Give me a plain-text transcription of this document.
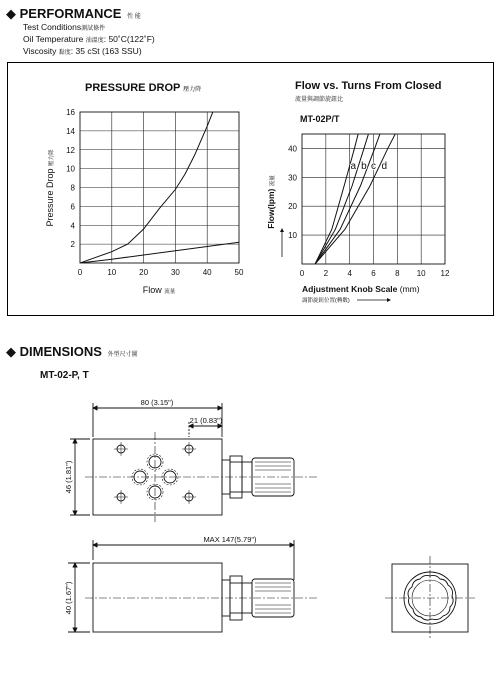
◆ PERFORMANCE 性 能
Test Conditions測試條件
Oil Temperature 油溫度: 50˚C(122˚F)
Viscosity 黏度: 35 cSt (163 SSU)
PRESSURE DROP 壓力降
0	10	20	30	40	50
2
4
6
8
10
12
14
16
Flow 流量
Pressure Drop 壓力降
Flow vs. Turns From Closed
流量與調節旋鈕比
MT-02P/T
0 2 4 6 8 10 12
10
20
30
40
a b c d
Adjustment Knob Scale (mm)
調節旋鈕位置(轉數)
Flow(lpm) 流量
◆ DIMENSIONS 外型尺寸圖
MT-02-P, T
80 (3.15")
21 (0.83")
46 (1.81")
MAX 147(5.79")
40 (1.67")
